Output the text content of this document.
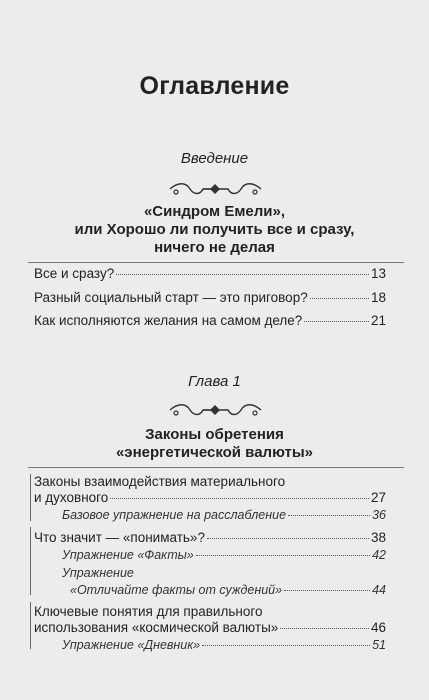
Оглавление
Введение
«Синдром Емели»,
или Хорошо ли получить все и сразу,
ничего не делая
Все и сразу?	13
Разный социальный старт — это приговор?	18
Как исполняются желания на самом деле?	21
Глава 1
Законы обретения
«энергетической валюты»
Законы взаимодействия материального
и духовного	27
Базовое упражнение на расслабление	36
Что значит — «понимать»?	38
Упражнение «Факты»	42
Упражнение
«Отличайте факты от суждений»	44
Ключевые понятия для правильного
использования «космической валюты»	46
Упражнение «Дневник»	51
